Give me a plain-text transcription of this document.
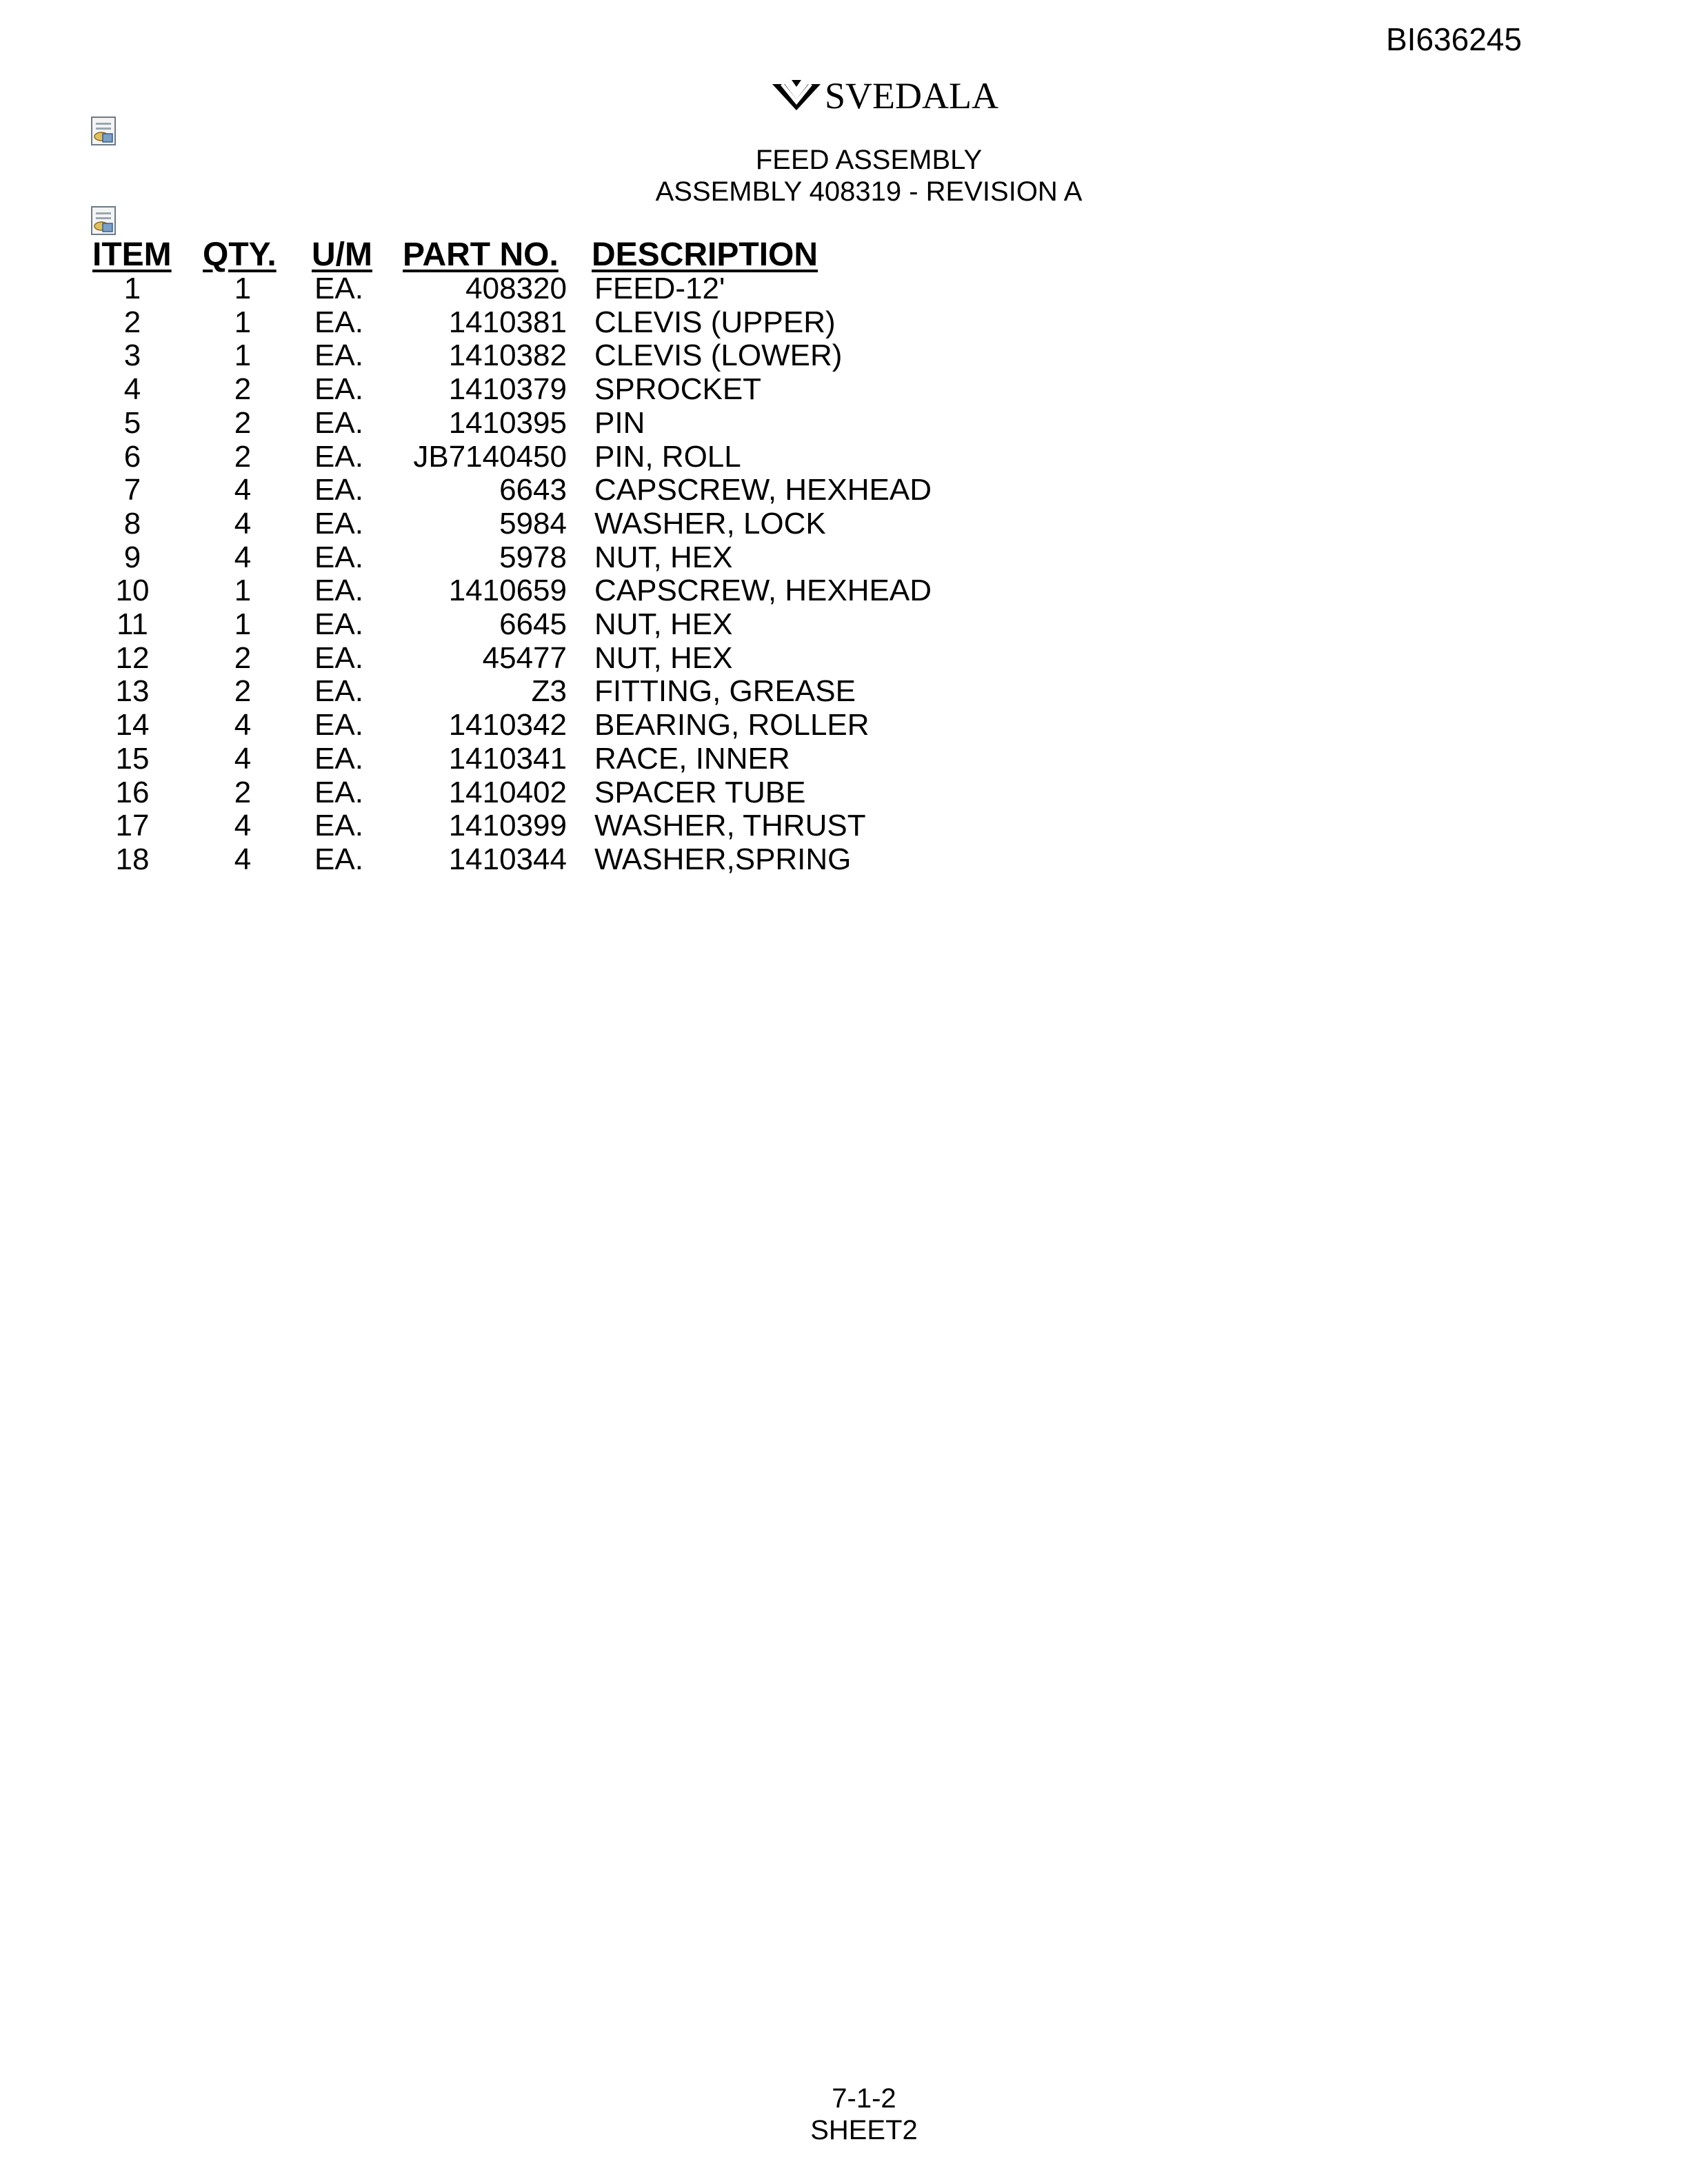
BI636245
SVEDALA
FEED ASSEMBLY
ASSEMBLY 408319 - REVISION A
ITEM QTY. U/M PART NO. DESCRIPTION
1	1	EA.	408320 FEED-12'
2	1	EA.	1410381 CLEVIS (UPPER)
3	1	EA.	1410382 CLEVIS (LOWER)
4	2	EA.	1410379 SPROCKET
5	2	EA.	1410395 PIN
6	2	EA.	JB7140450 PIN, ROLL
7	4	EA.	6643 CAPSCREW, HEXHEAD
8	4	EA.	5984 WASHER, LOCK
9	4	EA.	5978 NUT, HEX
10	1	EA.	1410659 CAPSCREW, HEXHEAD
11	1	EA.	6645 NUT, HEX
12	2	EA.	45477 NUT, HEX
13	2	EA.	Z3 FITTING, GREASE
14	4	EA.	1410342 BEARING, ROLLER
15	4	EA.	1410341 RACE, INNER
16	2	EA.	1410402 SPACER TUBE
17	4	EA.	1410399 WASHER, THRUST
18	4	EA.	1410344 WASHER,SPRING
7-1-2
SHEET2
